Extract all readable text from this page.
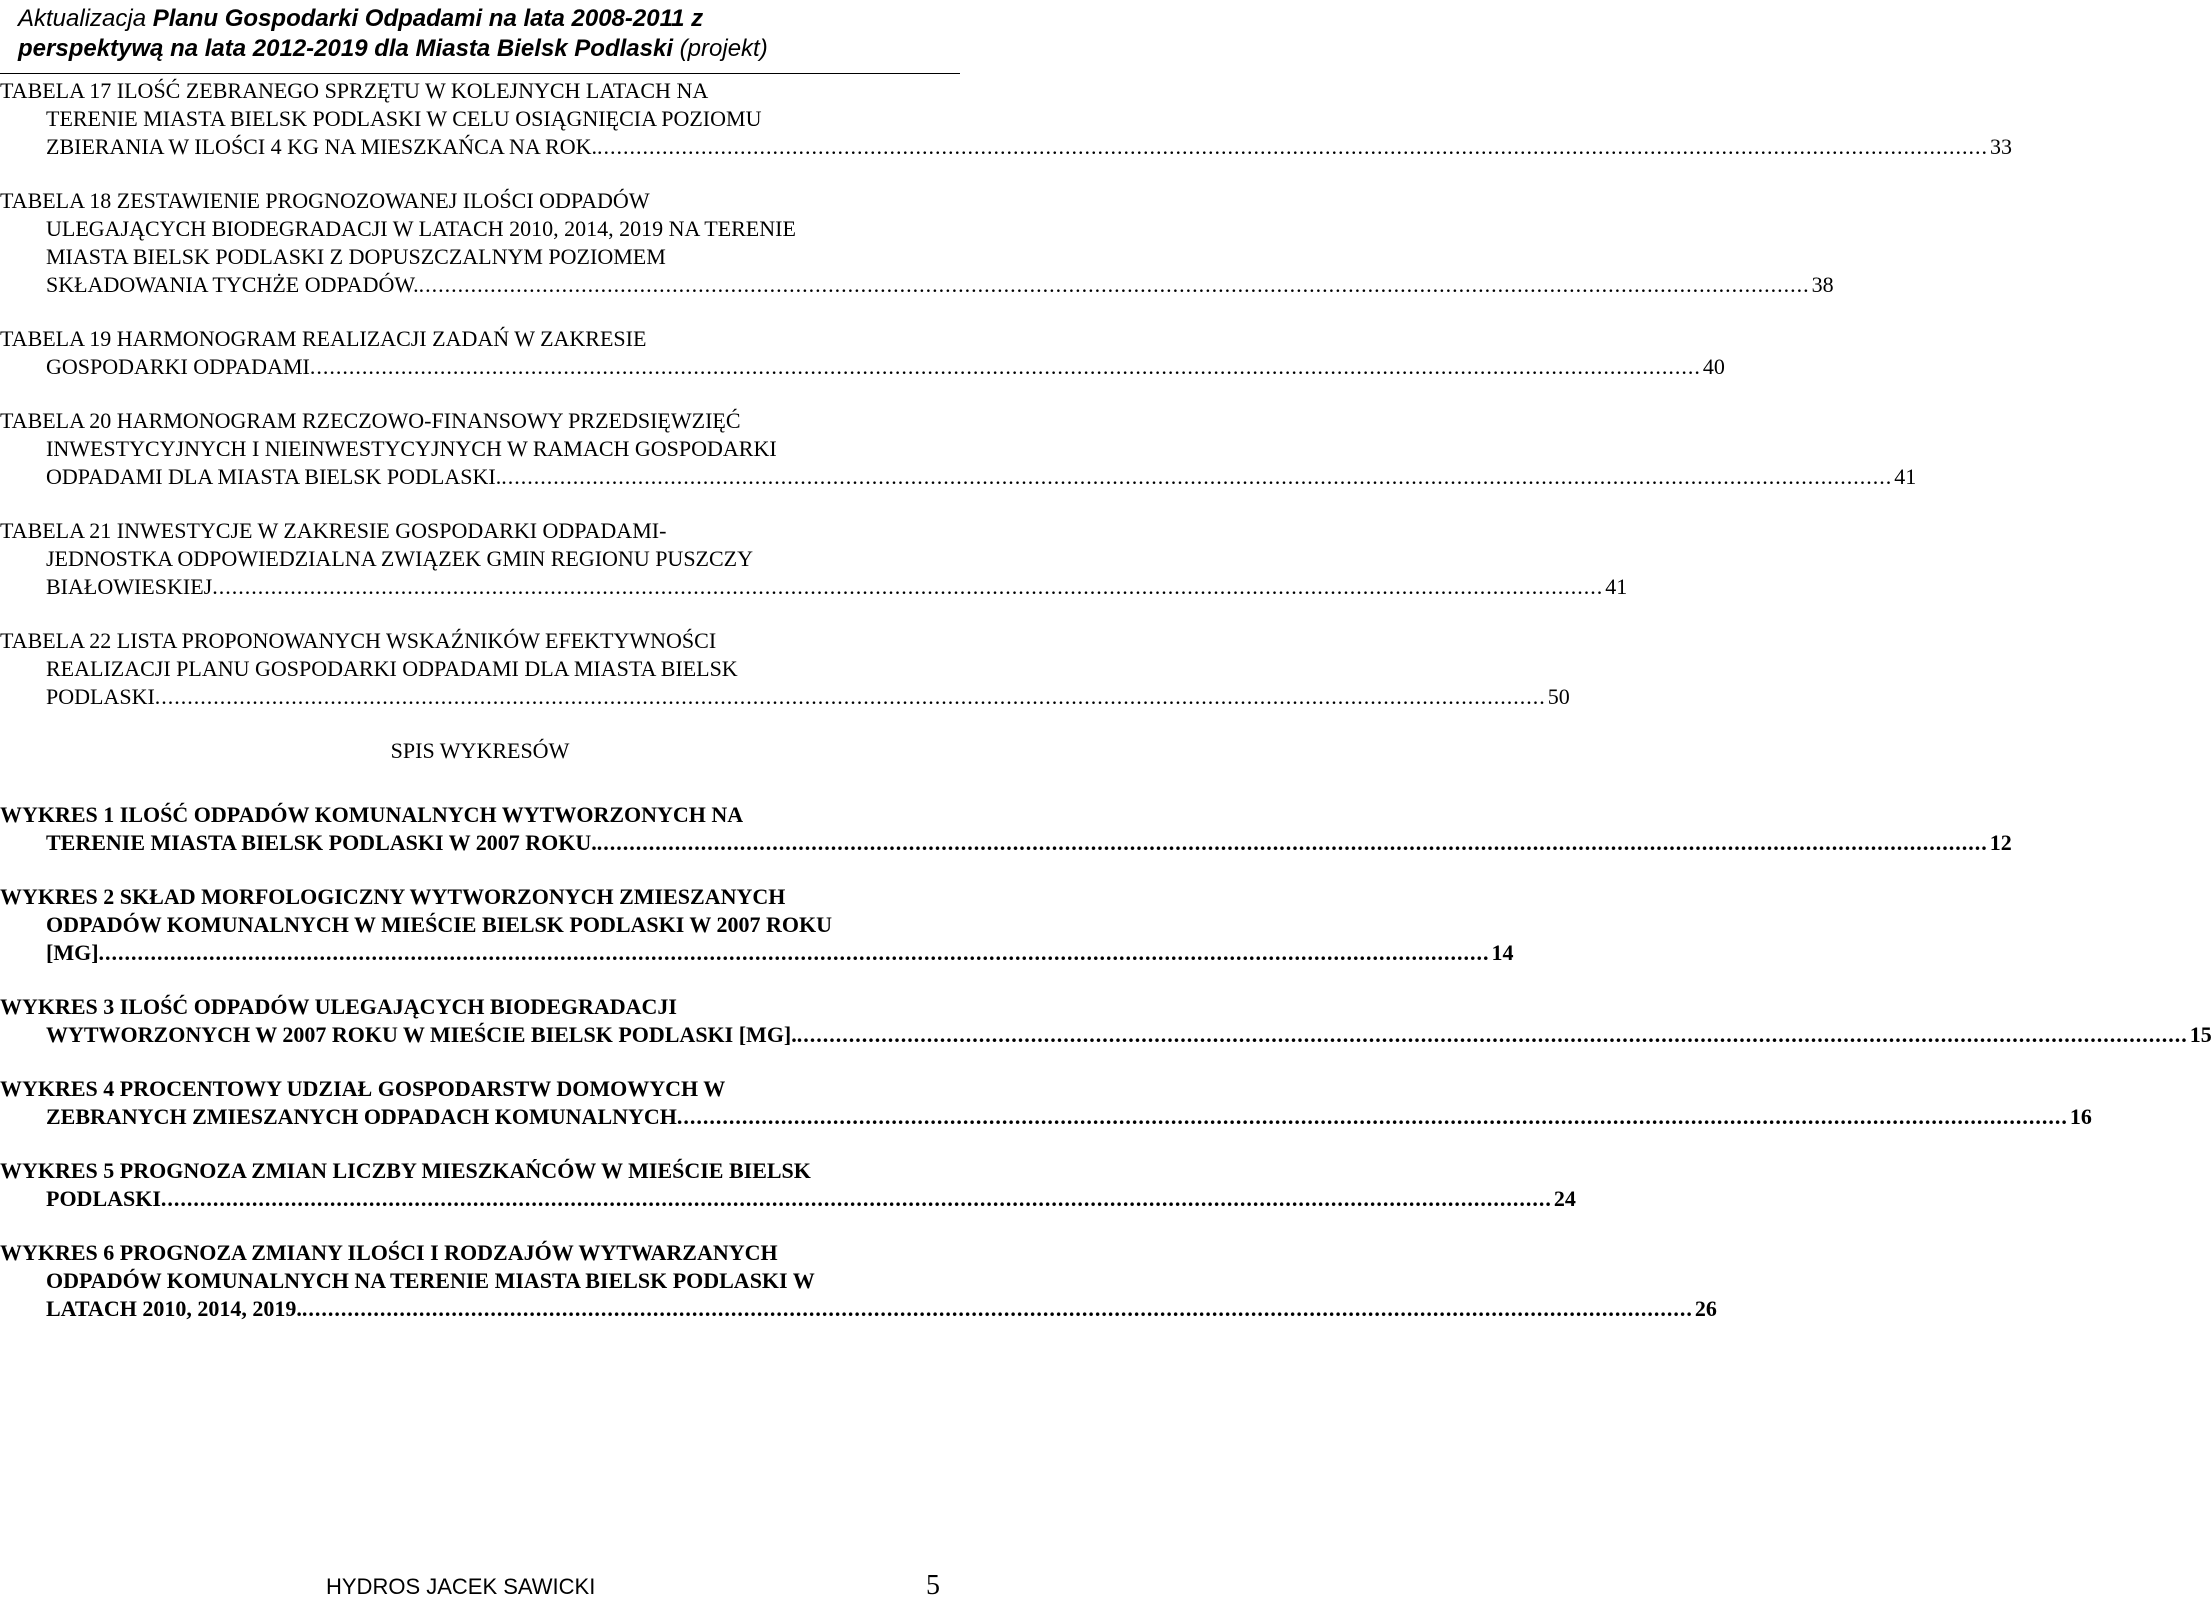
Aktualizacja Planu Gospodarki Odpadami na lata 2008-2011 z
perspektywą na lata 2012-2019 dla Miasta Bielsk Podlaski (projekt)
TABELA 17 ILOŚĆ ZEBRANEGO SPRZĘTU W KOLEJNYCH LATACH NA
TERENIE MIASTA BIELSK PODLASKI W CELU OSIĄGNIĘCIA POZIOMU
ZBIERANIA W ILOŚCI 4 KG NA MIESZKAŃCA NA ROK. .....	33
TABELA 18 ZESTAWIENIE PROGNOZOWANEJ ILOŚCI ODPADÓW
ULEGAJĄCYCH BIODEGRADACJI W LATACH 2010, 2014, 2019 NA TERENIE
MIASTA BIELSK PODLASKI Z DOPUSZCZALNYM POZIOMEM
SKŁADOWANIA TYCHŻE ODPADÓW. .....	38
TABELA 19 HARMONOGRAM REALIZACJI ZADAŃ W ZAKRESIE
GOSPODARKI ODPADAMI .....	40
TABELA 20 HARMONOGRAM RZECZOWO-FINANSOWY PRZEDSIĘWZIĘĆ
INWESTYCYJNYCH I NIEINWESTYCYJNYCH W RAMACH GOSPODARKI
ODPADAMI DLA MIASTA BIELSK PODLASKI. .....	41
TABELA 21 INWESTYCJE W ZAKRESIE GOSPODARKI ODPADAMI-
JEDNOSTKA ODPOWIEDZIALNA ZWIĄZEK GMIN REGIONU PUSZCZY
BIAŁOWIESKIEJ .....	41
TABELA 22 LISTA PROPONOWANYCH WSKAŹNIKÓW EFEKTYWNOŚCI
REALIZACJI PLANU GOSPODARKI ODPADAMI DLA MIASTA BIELSK
PODLASKI .....	50
SPIS WYKRESÓW
WYKRES 1 ILOŚĆ ODPADÓW KOMUNALNYCH WYTWORZONYCH NA
TERENIE MIASTA BIELSK PODLASKI W 2007 ROKU. .....	12
WYKRES 2 SKŁAD MORFOLOGICZNY WYTWORZONYCH ZMIESZANYCH
ODPADÓW KOMUNALNYCH W MIEŚCIE BIELSK PODLASKI W 2007 ROKU
[MG] .....	14
WYKRES 3 ILOŚĆ ODPADÓW ULEGAJĄCYCH BIODEGRADACJI
WYTWORZONYCH W 2007 ROKU W MIEŚCIE BIELSK PODLASKI [MG]. .....	15
WYKRES 4 PROCENTOWY UDZIAŁ GOSPODARSTW DOMOWYCH W
ZEBRANYCH ZMIESZANYCH ODPADACH KOMUNALNYCH .....	16
WYKRES 5 PROGNOZA ZMIAN LICZBY MIESZKAŃCÓW W MIEŚCIE BIELSK
PODLASKI .....	24
WYKRES 6 PROGNOZA ZMIANY ILOŚCI I RODZAJÓW WYTWARZANYCH
ODPADÓW KOMUNALNYCH NA TERENIE MIASTA BIELSK PODLASKI W
LATACH 2010, 2014, 2019. .....	26
HYDROS JACEK SAWICKI	5
